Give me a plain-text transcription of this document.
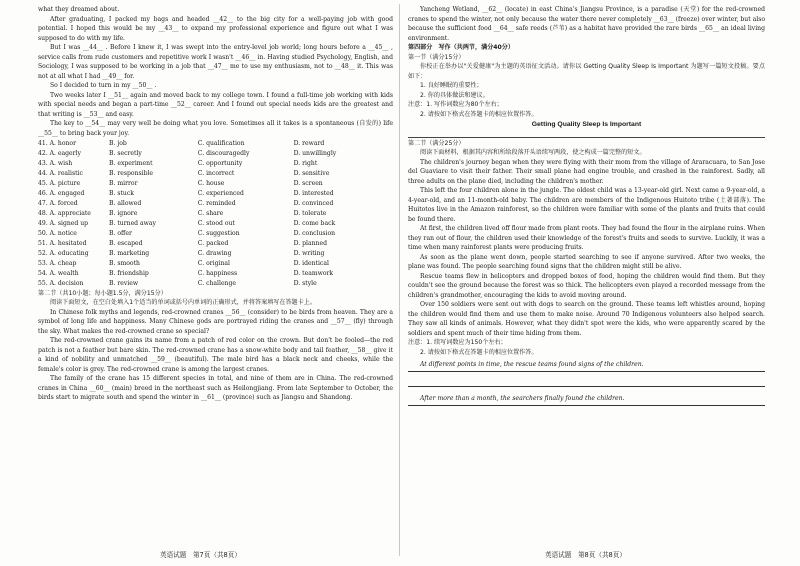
what they dreamed about.

After graduating, I packed my bags and headed __42__ to the big city for a well-paying job with good potential. I hoped this would be my __43__ to expand my professional experience and figure out what I was supposed to do with my life.

But I was __44__ . Before I knew it, I was swept into the entry-level job world; long hours before a __45__ , service calls from rude customers and repetitive work I wasn't __46__ in. Having studied Psychology, English, and Sociology, I was supposed to be working in a job that __47__ me to use my enthusiasm, not to __48__ it. This was not at all what I had __49__ for.

So I decided to turn in my __50__ .

Two weeks later I __51__ again and moved back to my college town. I found a full-time job working with kids with special needs and began a part-time __52__ career. And I found out special needs kids are the greatest and that writing is __53__ and easy.

The key to __54__ may very well be doing what you love. Sometimes all it takes is a spontaneous (自发的) life __55__ to bring back your joy.

41. A. honor	B. job	C. qualification	D. reward
42. A. eagerly	B. secretly	C. discouragedly	D. unwillingly
43. A. wish	B. experiment	C. opportunity	D. right
44. A. realistic	B. responsible	C. incorrect	D. sensitive
45. A. picture	B. mirror	C. house	D. screen
46. A. engaged	B. stuck	C. experienced	D. interested
47. A. forced	B. allowed	C. reminded	D. convinced
48. A. appreciate	B. ignore	C. share	D. tolerate
49. A. signed up	B. turned away	C. stood out	D. come back
50. A. notice	B. offer	C. suggestion	D. conclusion
51. A. hesitated	B. escaped	C. packed	D. planned
52. A. educating	B. marketing	C. drawing	D. writing
53. A. cheap	B. smooth	C. original	D. identical
54. A. wealth	B. friendship	C. happiness	D. teamwork
55. A. decision	B. review	C. challenge	D. style

第二节（共10小题；每小题1.5分，满分15分）

阅读下面短文，在空白处填入1个适当的单词或括号内单词的正确形式，并将答案填写在答题卡上。

In Chinese folk myths and legends, red-crowned cranes __56__ (consider) to be birds from heaven. They are a symbol of long life and happiness. Many Chinese gods are portrayed riding the cranes and __57__ (fly) through the sky. What makes the red-crowned crane so special?

The red-crowned crane gains its name from a patch of red color on the crown. But don't be fooled—the red patch is not a feather but bare skin. The red-crowned crane has a snow-white body and tail feather, __58__ give it a kind of nobility and unmatched __59__ (beautiful). The male bird has a black neck and cheeks, while the female's color is grey. The red-crowned crane is among the largest cranes.

The family of the crane has 15 different species in total, and nine of them are in China. The red-crowned cranes in China __60__ (main) breed in the northeast such as Heilongjiang. From late September to October, the birds start to migrate south and spend the winter in __61__ (province) such as Jiangsu and Shandong.

英语试题　第7页（共8页）

Yancheng Wetland, __62__ (locate) in east China's Jiangsu Province, is a paradise (天堂) for the red-crowned cranes to spend the winter, not only because the water there never completely __63__ (freeze) over winter, but also because the sufficient food __64__ safe reeds (芦苇) as a habitat have provided the rare birds __65__ an ideal living environment.

第四部分　写作（共两节，满分40分）

第一节（满分15分）

你校正在举办以"关爱健康"为主题的英语征文活动。请你以 Getting Quality Sleep Is Important 为题写一篇短文投稿。要点如下：

1. 良好睡眠的重要性；

2. 你的具体做法和建议。

注意：1. 写作词数应为80个左右；

2. 请按如下格式在答题卡的相应位置作答。

Getting Quality Sleep Is Important

第二节（满分25分）

阅读下面材料，根据其内容和所给段落开头语续写两段，使之构成一篇完整的短文。

The children's journey began when they were flying with their mom from the village of Araracuara, to San Jose del Guaviare to visit their father. Their small plane had engine trouble, and crashed in the rainforest. Sadly, all three adults on the plane died, including the children's mother.

This left the four children alone in the jungle. The oldest child was a 13-year-old girl. Next came a 9-year-old, a 4-year-old, and an 11-month-old baby. The children are members of the Indigenous Huitoto tribe (土著部落). The Huitotos live in the Amazon rainforest, so the children were familiar with some of the plants and fruits that could be found there.

At first, the children lived off flour made from plant roots. They had found the flour in the airplane ruins. When they ran out of flour, the children used their knowledge of the forest's fruits and seeds to survive. Luckily, it was a time when many rainforest plants were producing fruits.

As soon as the plane went down, people started searching to see if anyone survived. After two weeks, the plane was found. The people searching found signs that the children might still be alive.

Rescue teams flew in helicopters and dropped boxes of food, hoping the children would find them. But they couldn't see the ground because the forest was so thick. The helicopters even played a recorded message from the children's grandmother, encouraging the kids to avoid moving around.

Over 150 soldiers were sent out with dogs to search on the ground. These teams left whistles around, hoping the children would find them and use them to make noise. Around 70 Indigenous volunteers also helped search. They saw all kinds of animals. However, what they didn't spot were the kids, who were apparently scared by the soldiers and spent much of their time hiding from them.

注意：1. 续写词数应为150个左右；

2. 请按如下格式在答题卡的相应位置作答。

At different points in time, the rescue teams found signs of the children.
After more than a month, the searchers finally found the children.
英语试题　第8页（共8页）
